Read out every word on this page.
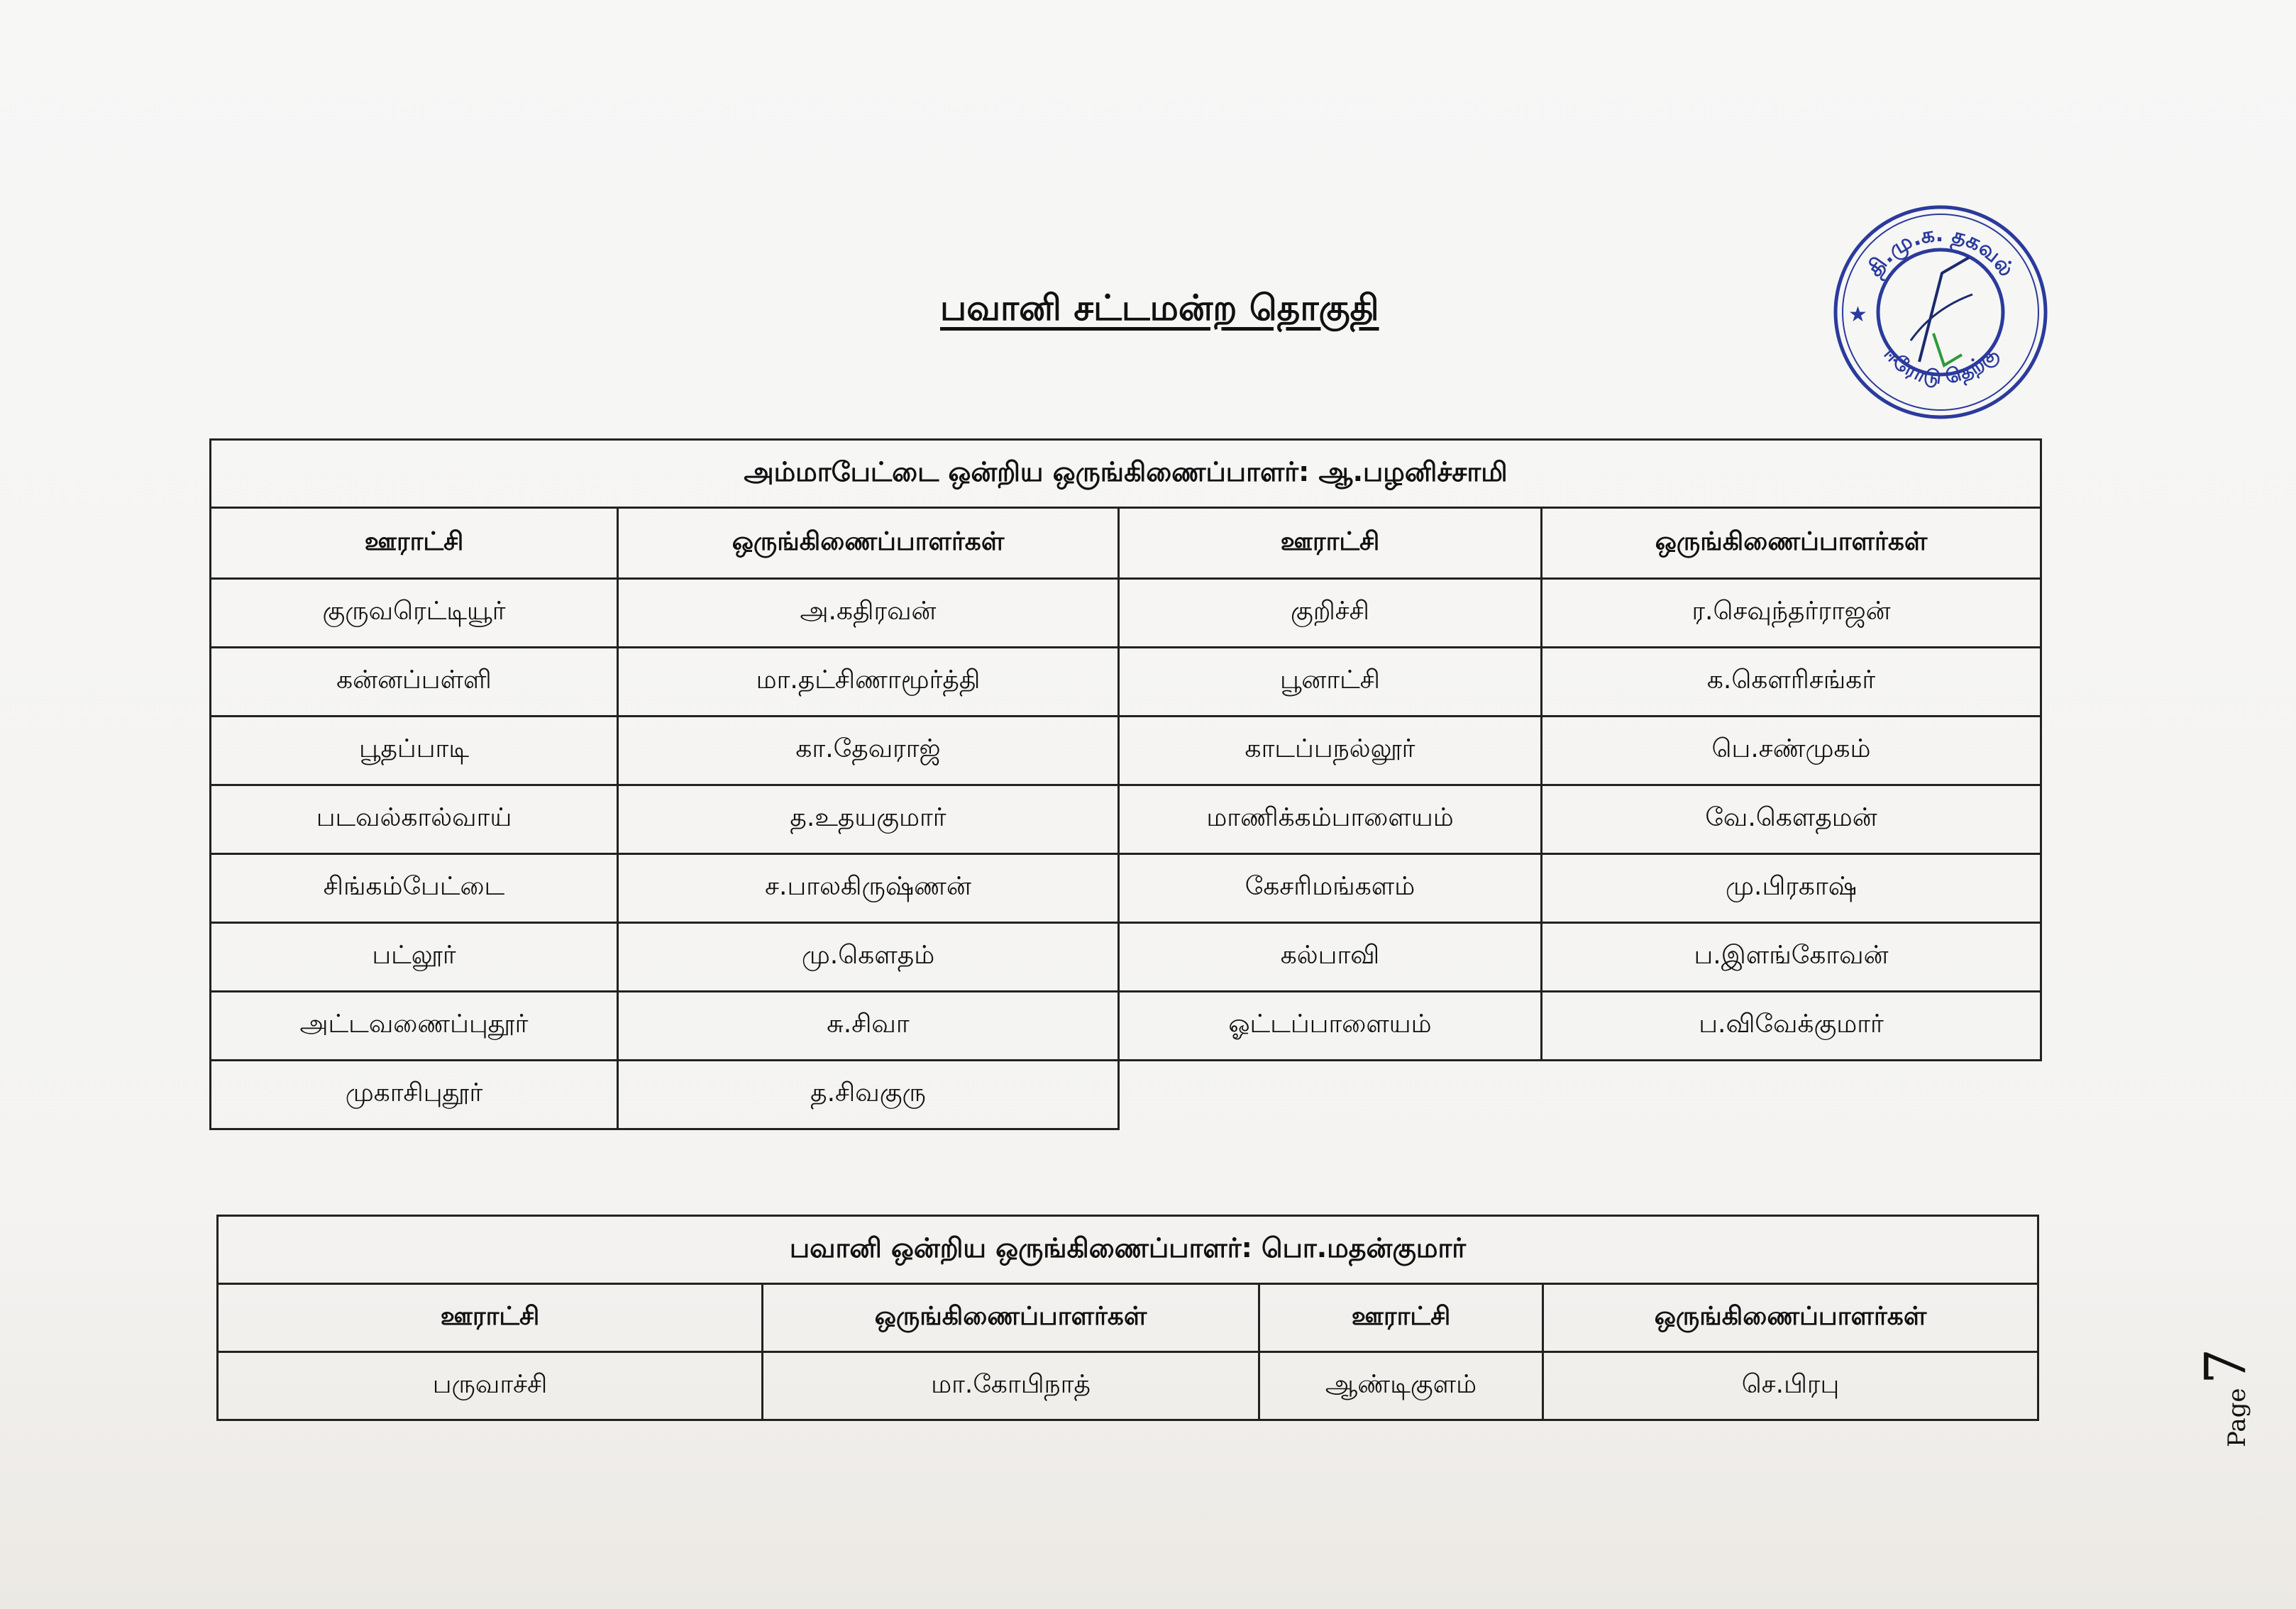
பவானி சட்டமன்ற தொகுதி
தி.மு.க. தகவல்
ஈரோடு தெற்கு
★
அம்மாபேட்டை ஒன்றிய ஒருங்கிணைப்பாளர்: ஆ.பழனிச்சாமி			
ஊராட்சி	ஒருங்கிணைப்பாளர்கள்	ஊராட்சி	ஒருங்கிணைப்பாளர்கள்
குருவரெட்டியூர்	அ.கதிரவன்	குறிச்சி	ர.செவுந்தர்ராஜன்
கன்னப்பள்ளி	மா.தட்சிணாமூர்த்தி	பூனாட்சி	க.கௌரிசங்கர்
பூதப்பாடி	கா.தேவராஜ்	காடப்பநல்லூர்	பெ.சண்முகம்
படவல்கால்வாய்	த.உதயகுமார்	மாணிக்கம்பாளையம்	வே.கௌதமன்
சிங்கம்பேட்டை	ச.பாலகிருஷ்ணன்	கேசரிமங்களம்	மு.பிரகாஷ்
பட்லூர்	மு.கௌதம்	கல்பாவி	ப.இளங்கோவன்
அட்டவணைப்புதூர்	சு.சிவா	ஓட்டப்பாளையம்	ப.விவேக்குமார்
முகாசிபுதூர்	த.சிவகுரு		
பவானி ஒன்றிய ஒருங்கிணைப்பாளர்: பொ.மதன்குமார்			
ஊராட்சி	ஒருங்கிணைப்பாளர்கள்	ஊராட்சி	ஒருங்கிணைப்பாளர்கள்
பருவாச்சி	மா.கோபிநாத்	ஆண்டிகுளம்	செ.பிரபு
Page 7
